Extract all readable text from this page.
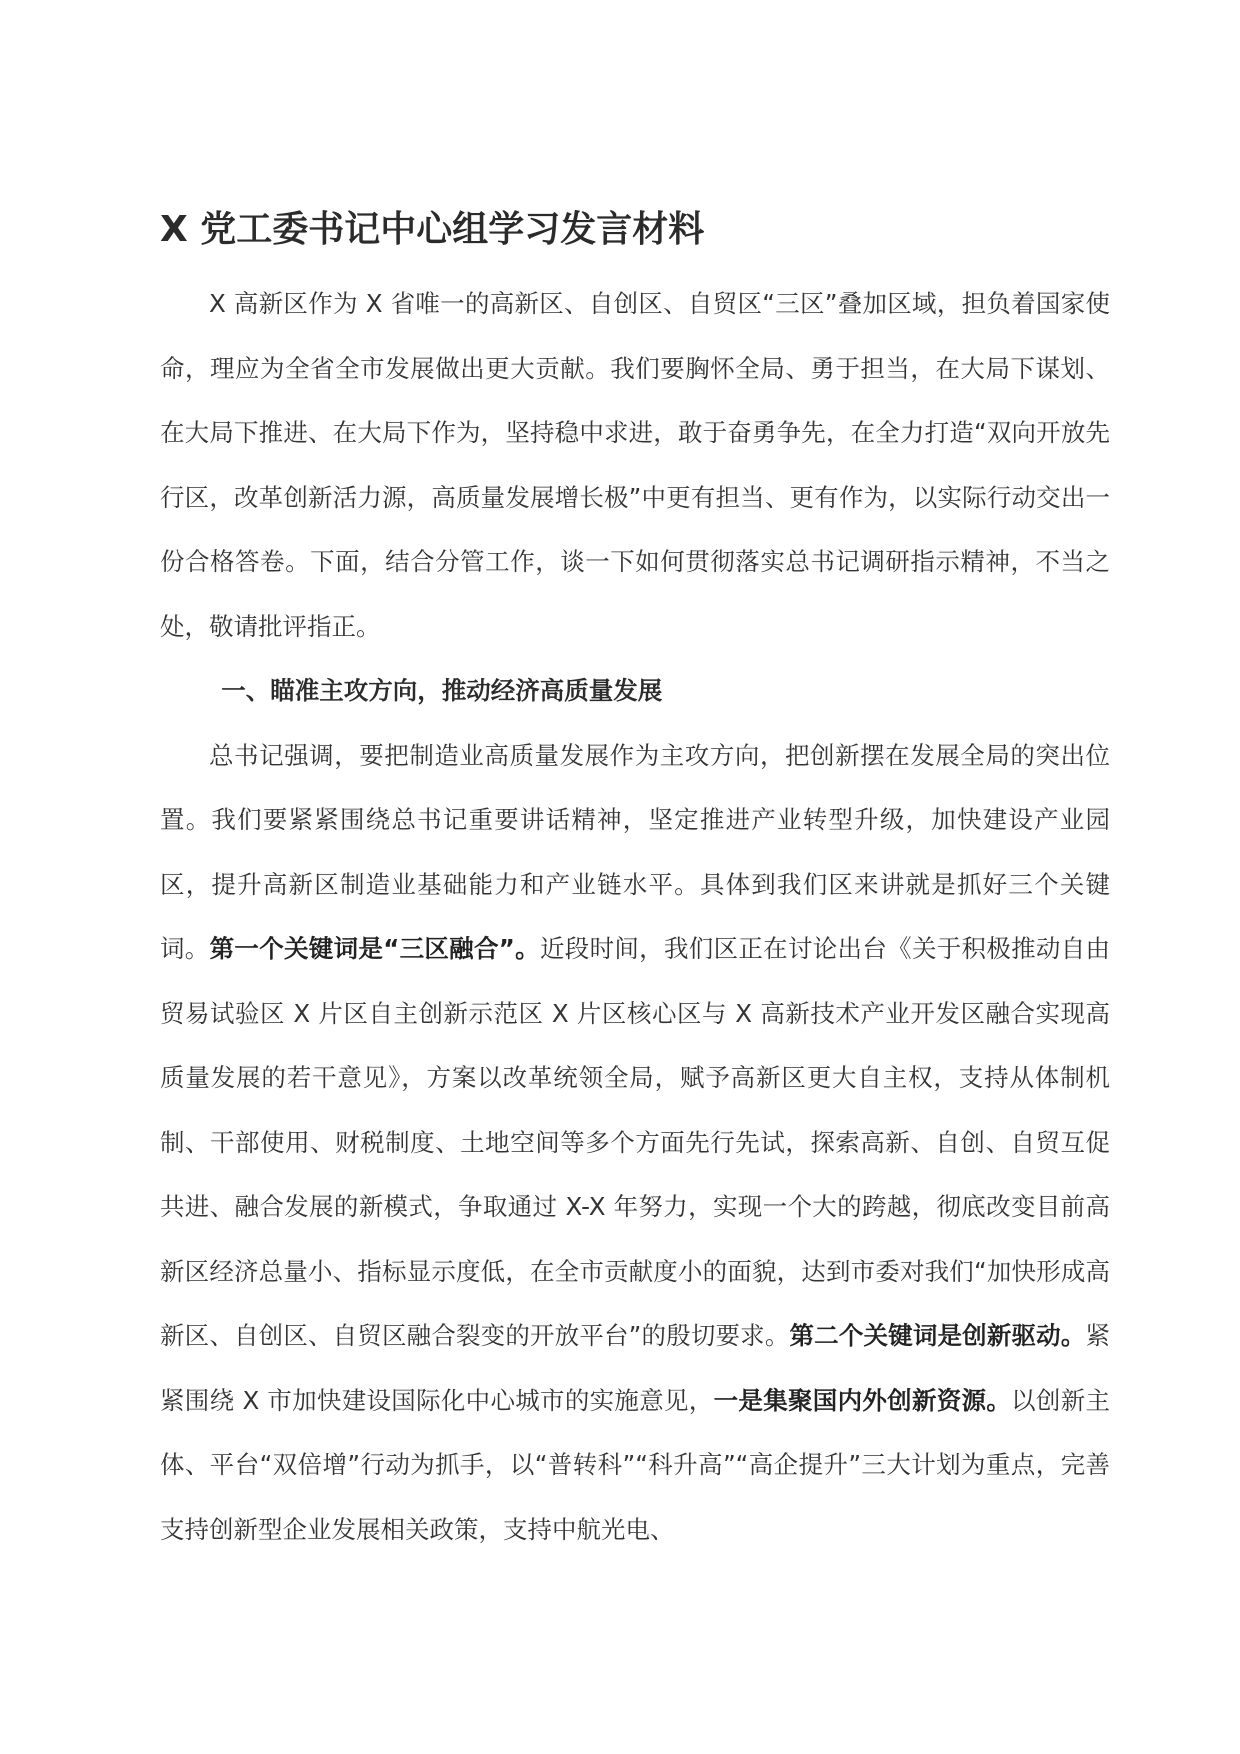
X 党工委书记中心组学习发言材料

X 高新区作为 X 省唯一的高新区、自创区、自贸区“三区”叠加区域，担负着国家使命，理应为全省全市发展做出更大贡献。我们要胸怀全局、勇于担当，在大局下谋划、在大局下推进、在大局下作为，坚持稳中求进，敢于奋勇争先，在全力打造“双向开放先行区，改革创新活力源，高质量发展增长极”中更有担当、更有作为，以实际行动交出一份合格答卷。下面，结合分管工作，谈一下如何贯彻落实总书记调研指示精神，不当之处，敬请批评指正。

一、瞄准主攻方向，推动经济高质量发展

总书记强调，要把制造业高质量发展作为主攻方向，把创新摆在发展全局的突出位置。我们要紧紧围绕总书记重要讲话精神，坚定推进产业转型升级，加快建设产业园区，提升高新区制造业基础能力和产业链水平。具体到我们区来讲就是抓好三个关键词。第一个关键词是“三区融合”。近段时间，我们区正在讨论出台《关于积极推动自由贸易试验区 X 片区自主创新示范区 X 片区核心区与 X 高新技术产业开发区融合实现高质量发展的若干意见》，方案以改革统领全局，赋予高新区更大自主权，支持从体制机制、干部使用、财税制度、土地空间等多个方面先行先试，探索高新、自创、自贸互促共进、融合发展的新模式，争取通过 X-X 年努力，实现一个大的跨越，彻底改变目前高新区经济总量小、指标显示度低，在全市贡献度小的面貌，达到市委对我们“加快形成高新区、自创区、自贸区融合裂变的开放平台”的殷切要求。第二个关键词是创新驱动。紧紧围绕 X 市加快建设国际化中心城市的实施意见，一是集聚国内外创新资源。以创新主体、平台“双倍增”行动为抓手，以“普转科”“科升高”“高企提升”三大计划为重点，完善支持创新型企业发展相关政策，支持中航光电、
